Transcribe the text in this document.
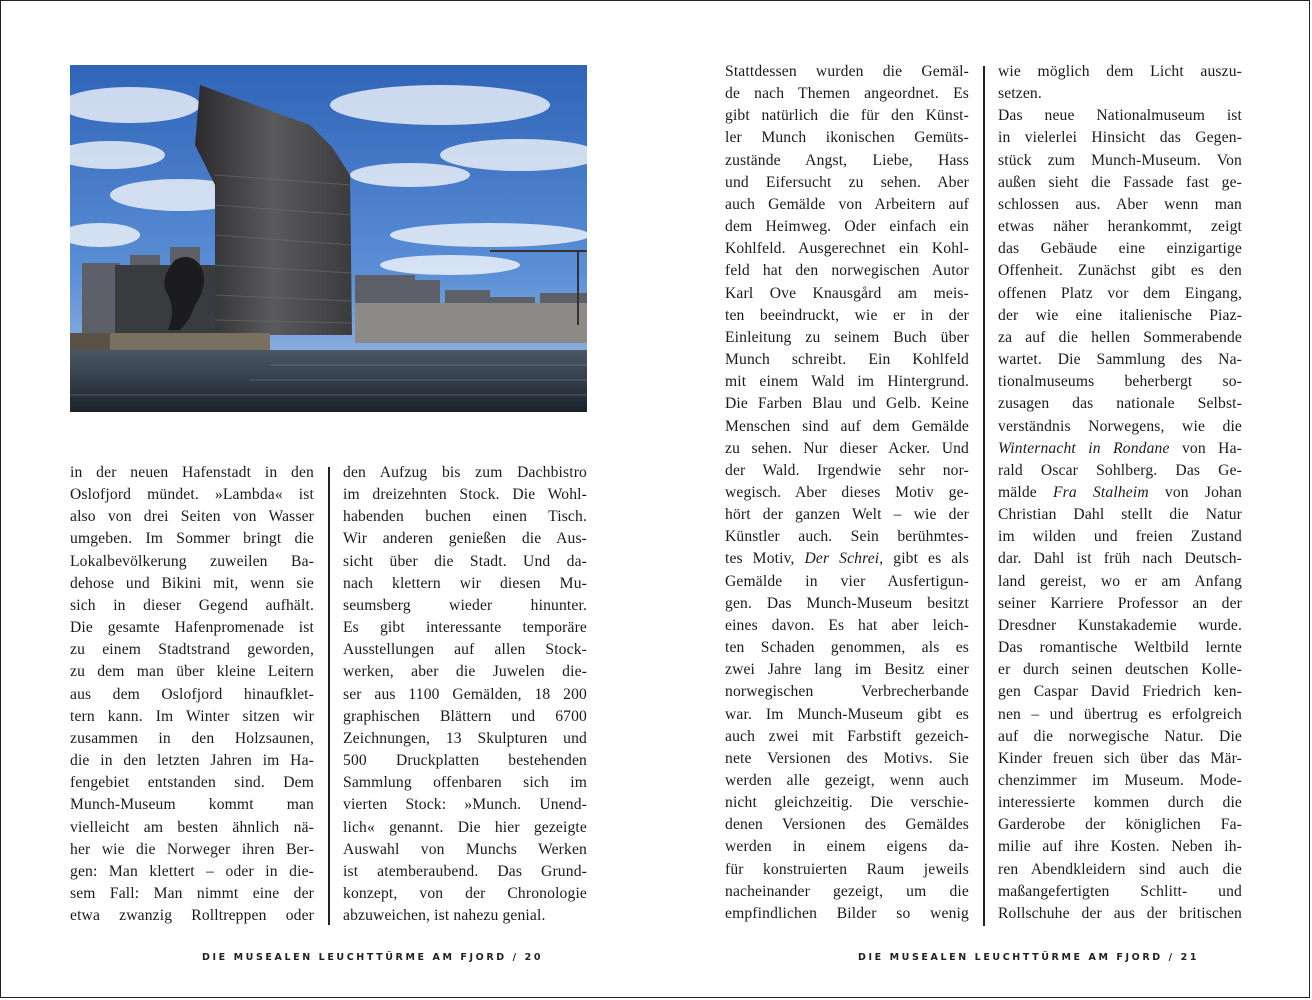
in der neuen Hafenstadt in den
Oslofjord mündet. »Lambda« ist
also von drei Seiten von Wasser
umgeben. Im Sommer bringt die
Lokalbevölkerung zuweilen Ba-
dehose und Bikini mit, wenn sie
sich in dieser Gegend aufhält.
Die gesamte Hafenpromenade ist
zu einem Stadtstrand geworden,
zu dem man über kleine Leitern
aus dem Oslofjord hinaufklet-
tern kann. Im Winter sitzen wir
zusammen in den Holzsaunen,
die in den letzten Jahren im Ha-
fengebiet entstanden sind. Dem
Munch-Museum kommt man
vielleicht am besten ähnlich nä-
her wie die Norweger ihren Ber-
gen: Man klettert – oder in die-
sem Fall: Man nimmt eine der
etwa zwanzig Rolltreppen oder
den Aufzug bis zum Dachbistro
im dreizehnten Stock. Die Wohl-
habenden buchen einen Tisch.
Wir anderen genießen die Aus-
sicht über die Stadt. Und da-
nach klettern wir diesen Mu-
seumsberg wieder hinunter.
Es gibt interessante temporäre
Ausstellungen auf allen Stock-
werken, aber die Juwelen die-
ser aus 1100 Gemälden, 18 200
graphischen Blättern und 6700
Zeichnungen, 13 Skulpturen und
500 Druckplatten bestehenden
Sammlung offenbaren sich im
vierten Stock: »Munch. Unend-
lich« genannt. Die hier gezeigte
Auswahl von Munchs Werken
ist atemberaubend. Das Grund-
konzept, von der Chronologie
abzuweichen, ist nahezu genial.
DIE MUSEALEN LEUCHTTÜRME AM FJORD / 20
Stattdessen wurden die Gemäl-
de nach Themen angeordnet. Es
gibt natürlich die für den Künst-
ler Munch ikonischen Gemüts-
zustände Angst, Liebe, Hass
und Eifersucht zu sehen. Aber
auch Gemälde von Arbeitern auf
dem Heimweg. Oder einfach ein
Kohlfeld. Ausgerechnet ein Kohl-
feld hat den norwegischen Autor
Karl Ove Knausgård am meis-
ten beeindruckt, wie er in der
Einleitung zu seinem Buch über
Munch schreibt. Ein Kohlfeld
mit einem Wald im Hintergrund.
Die Farben Blau und Gelb. Keine
Menschen sind auf dem Gemälde
zu sehen. Nur dieser Acker. Und
der Wald. Irgendwie sehr nor-
wegisch. Aber dieses Motiv ge-
hört der ganzen Welt – wie der
Künstler auch. Sein berühmtes-
tes Motiv, Der Schrei, gibt es als
Gemälde in vier Ausfertigun-
gen. Das Munch-Museum besitzt
eines davon. Es hat aber leich-
ten Schaden genommen, als es
zwei Jahre lang im Besitz einer
norwegischen Verbrecherbande
war. Im Munch-Museum gibt es
auch zwei mit Farbstift gezeich-
nete Versionen des Motivs. Sie
werden alle gezeigt, wenn auch
nicht gleichzeitig. Die verschie-
denen Versionen des Gemäldes
werden in einem eigens da-
für konstruierten Raum jeweils
nacheinander gezeigt, um die
empfindlichen Bilder so wenig
wie möglich dem Licht auszu-
setzen.
Das neue Nationalmuseum ist
in vielerlei Hinsicht das Gegen-
stück zum Munch-Museum. Von
außen sieht die Fassade fast ge-
schlossen aus. Aber wenn man
etwas näher herankommt, zeigt
das Gebäude eine einzigartige
Offenheit. Zunächst gibt es den
offenen Platz vor dem Eingang,
der wie eine italienische Piaz-
za auf die hellen Sommerabende
wartet. Die Sammlung des Na-
tionalmuseums beherbergt so-
zusagen das nationale Selbst-
verständnis Norwegens, wie die
Winternacht in Rondane von Ha-
rald Oscar Sohlberg. Das Ge-
mälde Fra Stalheim von Johan
Christian Dahl stellt die Natur
im wilden und freien Zustand
dar. Dahl ist früh nach Deutsch-
land gereist, wo er am Anfang
seiner Karriere Professor an der
Dresdner Kunstakademie wurde.
Das romantische Weltbild lernte
er durch seinen deutschen Kolle-
gen Caspar David Friedrich ken-
nen – und übertrug es erfolgreich
auf die norwegische Natur. Die
Kinder freuen sich über das Mär-
chenzimmer im Museum. Mode-
interessierte kommen durch die
Garderobe der königlichen Fa-
milie auf ihre Kosten. Neben ih-
ren Abendkleidern sind auch die
maßangefertigten Schlitt- und
Rollschuhe der aus der britischen
DIE MUSEALEN LEUCHTTÜRME AM FJORD / 21
